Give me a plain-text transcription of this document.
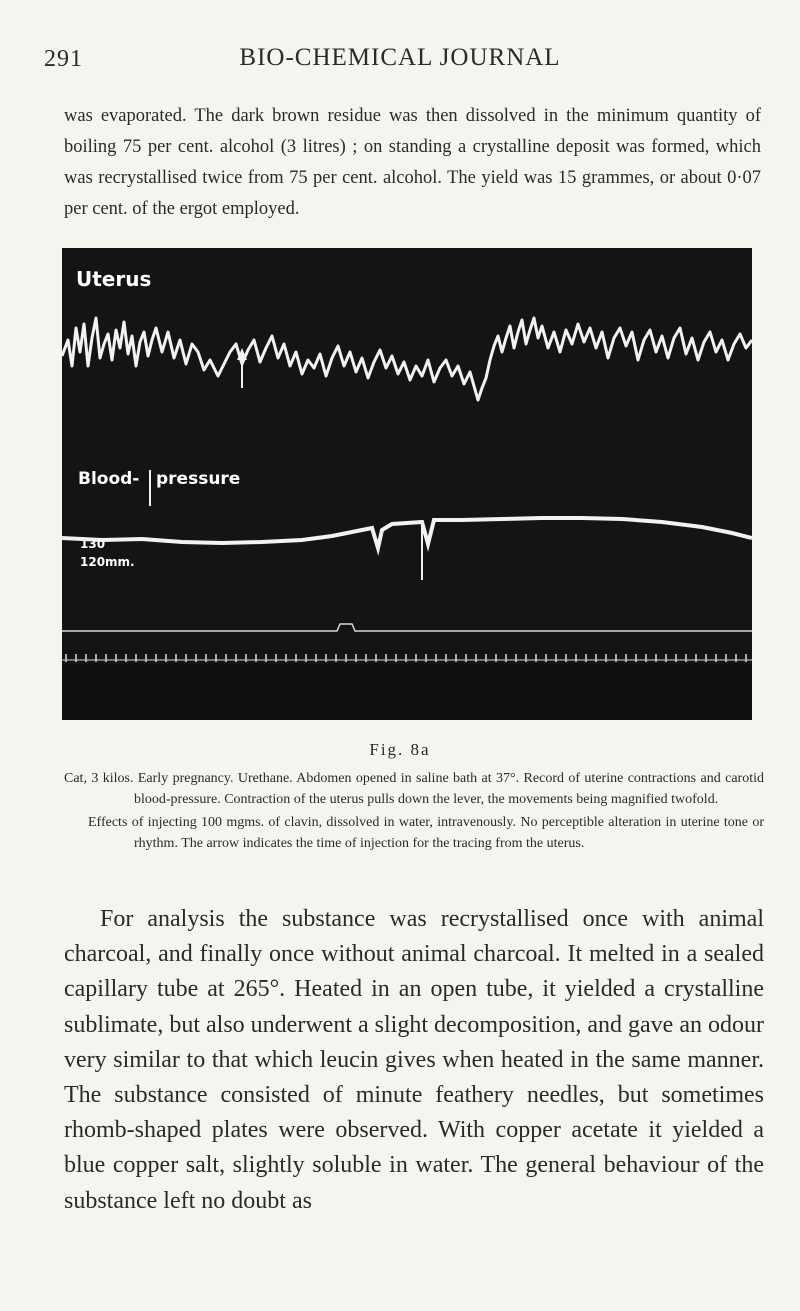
291	BIO-CHEMICAL JOURNAL

was evaporated. The dark brown residue was then dissolved in the minimum quantity of boiling 75 per cent. alcohol (3 litres) ; on standing a crystalline deposit was formed, which was recrystallised twice from 75 per cent. alcohol. The yield was 15 grammes, or about 0·07 per cent. of the ergot employed.

Uterus
Blood- pressure
130
120mm.
Fig. 8a

Cat, 3 kilos. Early pregnancy. Urethane. Abdomen opened in saline bath at 37°. Record of uterine contractions and carotid blood-pressure. Contraction of the uterus pulls down the lever, the movements being magnified twofold.

Effects of injecting 100 mgms. of clavin, dissolved in water, intravenously. No perceptible alteration in uterine tone or rhythm. The arrow indicates the time of injection for the tracing from the uterus.

For analysis the substance was recrystallised once with animal charcoal, and finally once without animal charcoal. It melted in a sealed capillary tube at 265°. Heated in an open tube, it yielded a crystalline sublimate, but also underwent a slight decomposition, and gave an odour very similar to that which leucin gives when heated in the same manner. The substance consisted of minute feathery needles, but sometimes rhomb-shaped plates were observed. With copper acetate it yielded a blue copper salt, slightly soluble in water. The general behaviour of the substance left no doubt as
